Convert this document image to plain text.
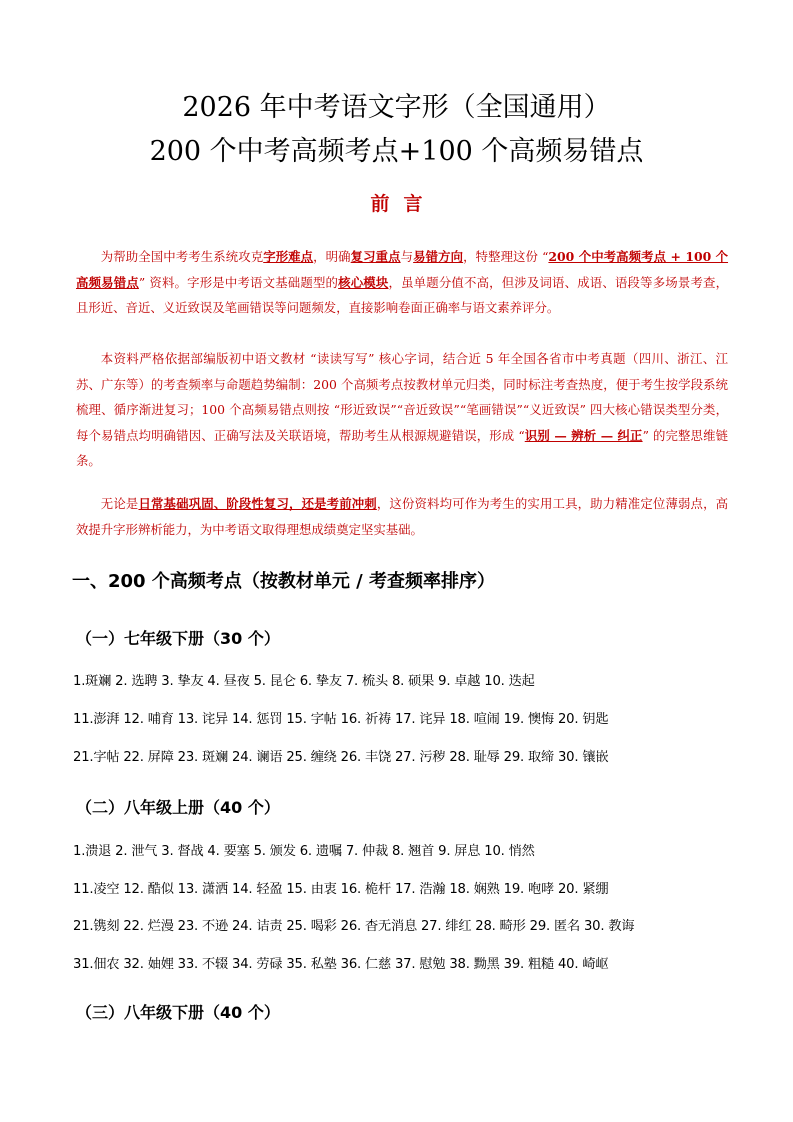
2026 年中考语文字形（全国通用）
200 个中考高频考点+100 个高频易错点
前言

为帮助全国中考考生系统攻克字形难点，明确复习重点与易错方向，特整理这份 “200 个中考高频考点 + 100 个高频易错点” 资料。字形是中考语文基础题型的核心模块，虽单题分值不高，但涉及词语、成语、语段等多场景考查，且形近、音近、义近致误及笔画错误等问题频发，直接影响卷面正确率与语文素养评分。

本资料严格依据部编版初中语文教材 “读读写写” 核心字词，结合近 5 年全国各省市中考真题（四川、浙江、江苏、广东等）的考查频率与命题趋势编制：200 个高频考点按教材单元归类，同时标注考查热度，便于考生按学段系统梳理、循序渐进复习；100 个高频易错点则按 “形近致误”“音近致误”“笔画错误”“义近致误” 四大核心错误类型分类，每个易错点均明确错因、正确写法及关联语境，帮助考生从根源规避错误，形成 “识别 — 辨析 — 纠正” 的完整思维链条。

无论是日常基础巩固、阶段性复习，还是考前冲刺，这份资料均可作为考生的实用工具，助力精准定位薄弱点，高效提升字形辨析能力，为中考语文取得理想成绩奠定坚实基础。

一、200 个高频考点（按教材单元 / 考查频率排序）
（一）七年级下册（30 个）
1.斑斓 2. 选聘 3. 挚友 4. 昼夜 5. 昆仑 6. 挚友 7. 梳头 8. 硕果 9. 卓越 10. 迭起
11.澎湃 12. 哺育 13. 诧异 14. 惩罚 15. 字帖 16. 祈祷 17. 诧异 18. 喧闹 19. 懊悔 20. 钥匙
21.字帖 22. 屏障 23. 斑斓 24. 谰语 25. 缠绕 26. 丰饶 27. 污秽 28. 耻辱 29. 取缔 30. 镶嵌
（二）八年级上册（40 个）
1.溃退 2. 泄气 3. 督战 4. 要塞 5. 颁发 6. 遗嘱 7. 仲裁 8. 翘首 9. 屏息 10. 悄然
11.凌空 12. 酷似 13. 潇洒 14. 轻盈 15. 由衷 16. 桅杆 17. 浩瀚 18. 娴熟 19. 咆哮 20. 紧绷
21.镌刻 22. 烂漫 23. 不逊 24. 诘责 25. 喝彩 26. 杳无消息 27. 绯红 28. 畸形 29. 匿名 30. 教诲
31.佃农 32. 妯娌 33. 不辍 34. 劳碌 35. 私塾 36. 仁慈 37. 慰勉 38. 黝黑 39. 粗糙 40. 崎岖
（三）八年级下册（40 个）
